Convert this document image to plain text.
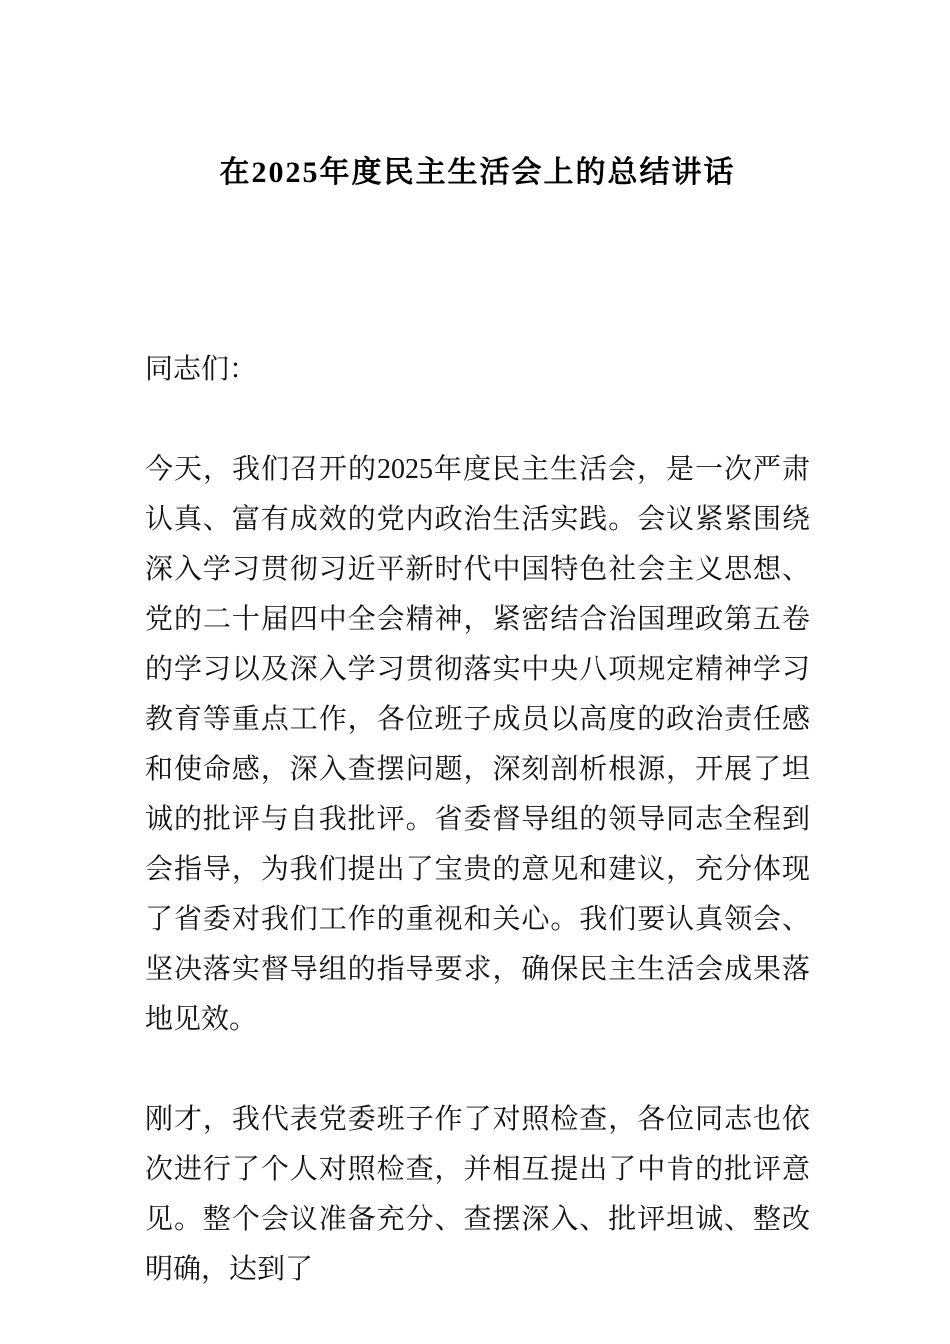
在2025年度民主生活会上的总结讲话

同志们：

今天，我们召开的2025年度民主生活会，是一次严肃认真、富有成效的党内政治生活实践。会议紧紧围绕深入学习贯彻习近平新时代中国特色社会主义思想、党的二十届四中全会精神，紧密结合治国理政第五卷的学习以及深入学习贯彻落实中央八项规定精神学习教育等重点工作，各位班子成员以高度的政治责任感和使命感，深入查摆问题，深刻剖析根源，开展了坦诚的批评与自我批评。省委督导组的领导同志全程到会指导，为我们提出了宝贵的意见和建议，充分体现了省委对我们工作的重视和关心。我们要认真领会、坚决落实督导组的指导要求，确保民主生活会成果落地见效。

刚才，我代表党委班子作了对照检查，各位同志也依次进行了个人对照检查，并相互提出了中肯的批评意见。整个会议准备充分、查摆深入、批评坦诚、整改明确，达到了
